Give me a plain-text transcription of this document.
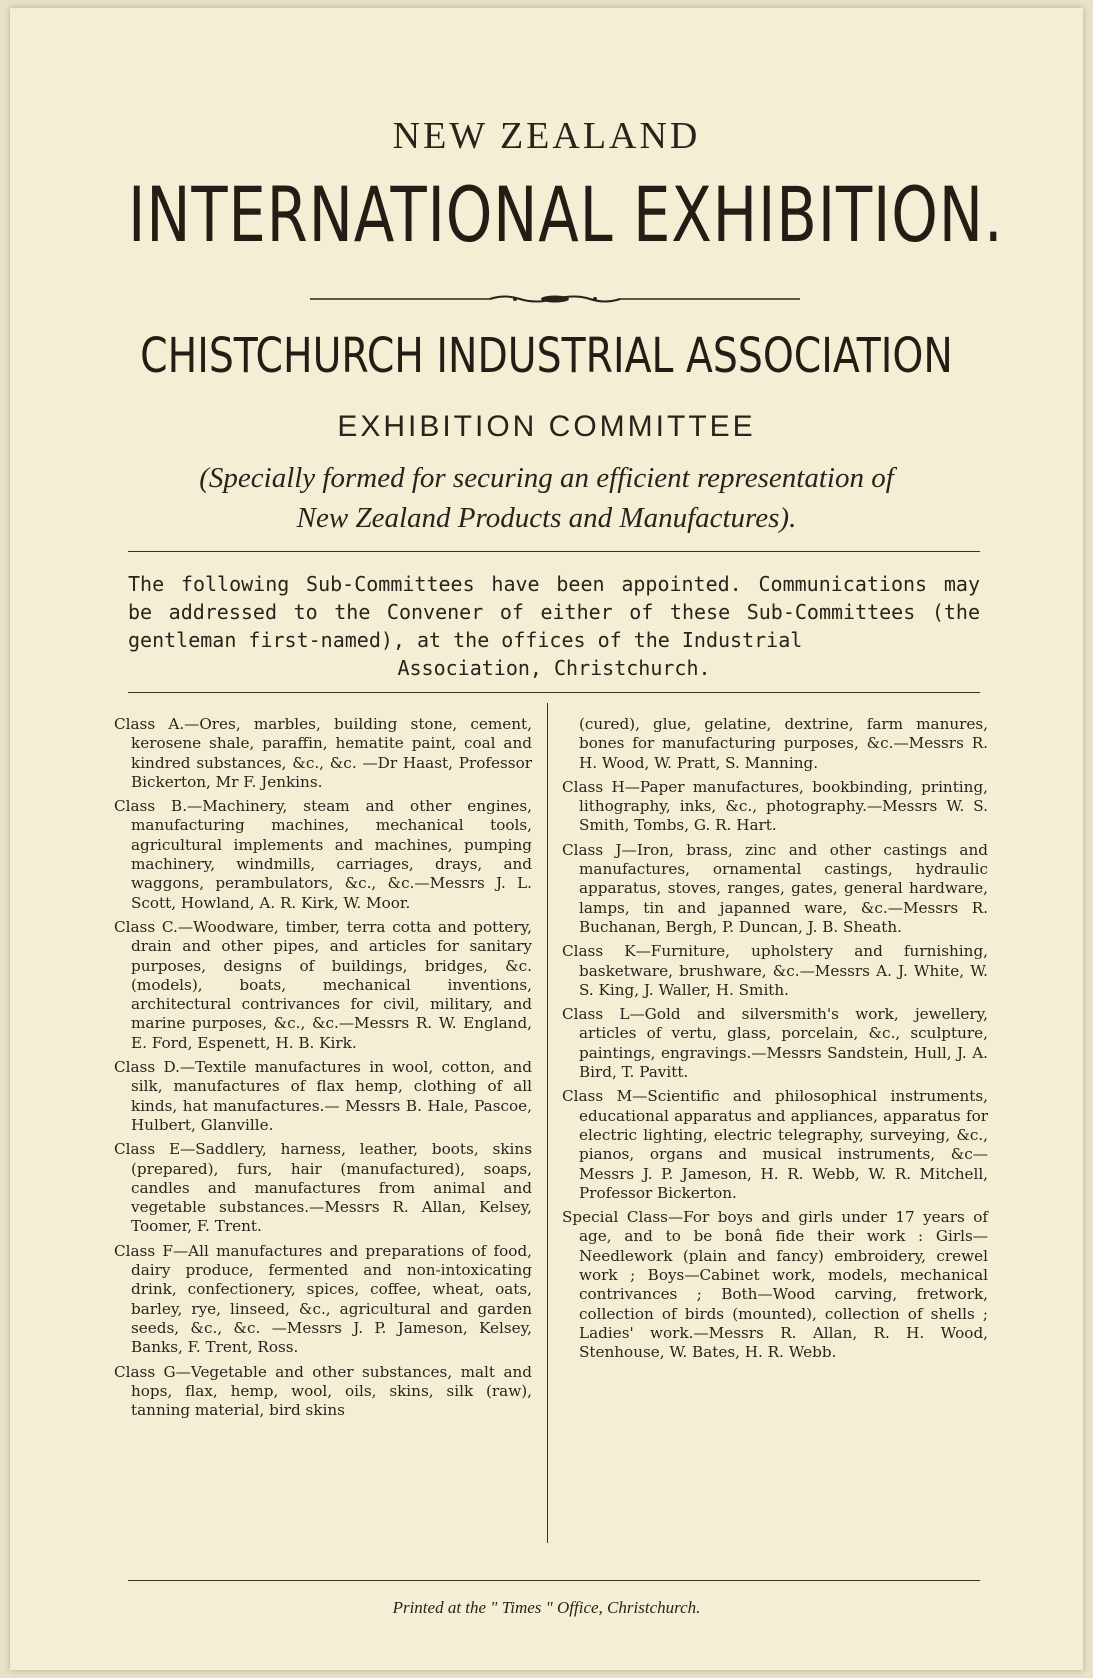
NEW ZEALAND
INTERNATIONAL EXHIBITION.
CHISTCHURCH INDUSTRIAL ASSOCIATION
EXHIBITION COMMITTEE
(Specially formed for securing an efficient representation of
New Zealand Products and Manufactures).
The following Sub-Committees have been appointed. Communications may be addressed to the Convener of either of these Sub-Committees (the gentleman first-named), at the offices of the Industrial
Association, Christchurch.

Class A.—Ores, marbles, building stone, cement, kerosene shale, paraffin, hematite paint, coal and kindred substances, &c., &c. —Dr Haast, Professor Bickerton, Mr F. Jenkins.

Class B.—Machinery, steam and other engines, manufacturing machines, mechanical tools, agricultural implements and machines, pumping machinery, windmills, carriages, drays, and waggons, perambulators, &c., &c.—Messrs J. L. Scott, Howland, A. R. Kirk, W. Moor.

Class C.—Woodware, timber, terra cotta and pottery, drain and other pipes, and articles for sanitary purposes, designs of buildings, bridges, &c. (models), boats, mechanical inventions, architectural contrivances for civil, military, and marine purposes, &c., &c.—Messrs R. W. England, E. Ford, Espenett, H. B. Kirk.

Class D.—Textile manufactures in wool, cotton, and silk, manufactures of flax hemp, clothing of all kinds, hat manufactures.— Messrs B. Hale, Pascoe, Hulbert, Glanville.

Class E—Saddlery, harness, leather, boots, skins (prepared), furs, hair (manufactured), soaps, candles and manufactures from animal and vegetable substances.—Messrs R. Allan, Kelsey, Toomer, F. Trent.

Class F—All manufactures and preparations of food, dairy produce, fermented and non-intoxicating drink, confectionery, spices, coffee, wheat, oats, barley, rye, linseed, &c., agricultural and garden seeds, &c., &c. —Messrs J. P. Jameson, Kelsey, Banks, F. Trent, Ross.

Class G—Vegetable and other substances, malt and hops, flax, hemp, wool, oils, skins, silk (raw), tanning material, bird skins

(cured), glue, gelatine, dextrine, farm manures, bones for manufacturing purposes, &c.—Messrs R. H. Wood, W. Pratt, S. Manning.

Class H—Paper manufactures, bookbinding, printing, lithography, inks, &c., photography.—Messrs W. S. Smith, Tombs, G. R. Hart.

Class J—Iron, brass, zinc and other castings and manufactures, ornamental castings, hydraulic apparatus, stoves, ranges, gates, general hardware, lamps, tin and japanned ware, &c.—Messrs R. Buchanan, Bergh, P. Duncan, J. B. Sheath.

Class K—Furniture, upholstery and furnishing, basketware, brushware, &c.—Messrs A. J. White, W. S. King, J. Waller, H. Smith.

Class L—Gold and silversmith's work, jewellery, articles of vertu, glass, porcelain, &c., sculpture, paintings, engravings.—Messrs Sandstein, Hull, J. A. Bird, T. Pavitt.

Class M—Scientific and philosophical instruments, educational apparatus and appliances, apparatus for electric lighting, electric telegraphy, surveying, &c., pianos, organs and musical instruments, &c—Messrs J. P. Jameson, H. R. Webb, W. R. Mitchell, Professor Bickerton.

Special Class—For boys and girls under 17 years of age, and to be bonâ fide their work : Girls—Needlework (plain and fancy) embroidery, crewel work ; Boys—Cabinet work, models, mechanical contrivances ; Both—Wood carving, fretwork, collection of birds (mounted), collection of shells ; Ladies' work.—Messrs R. Allan, R. H. Wood, Stenhouse, W. Bates, H. R. Webb.

Printed at the " Times " Office, Christchurch.
